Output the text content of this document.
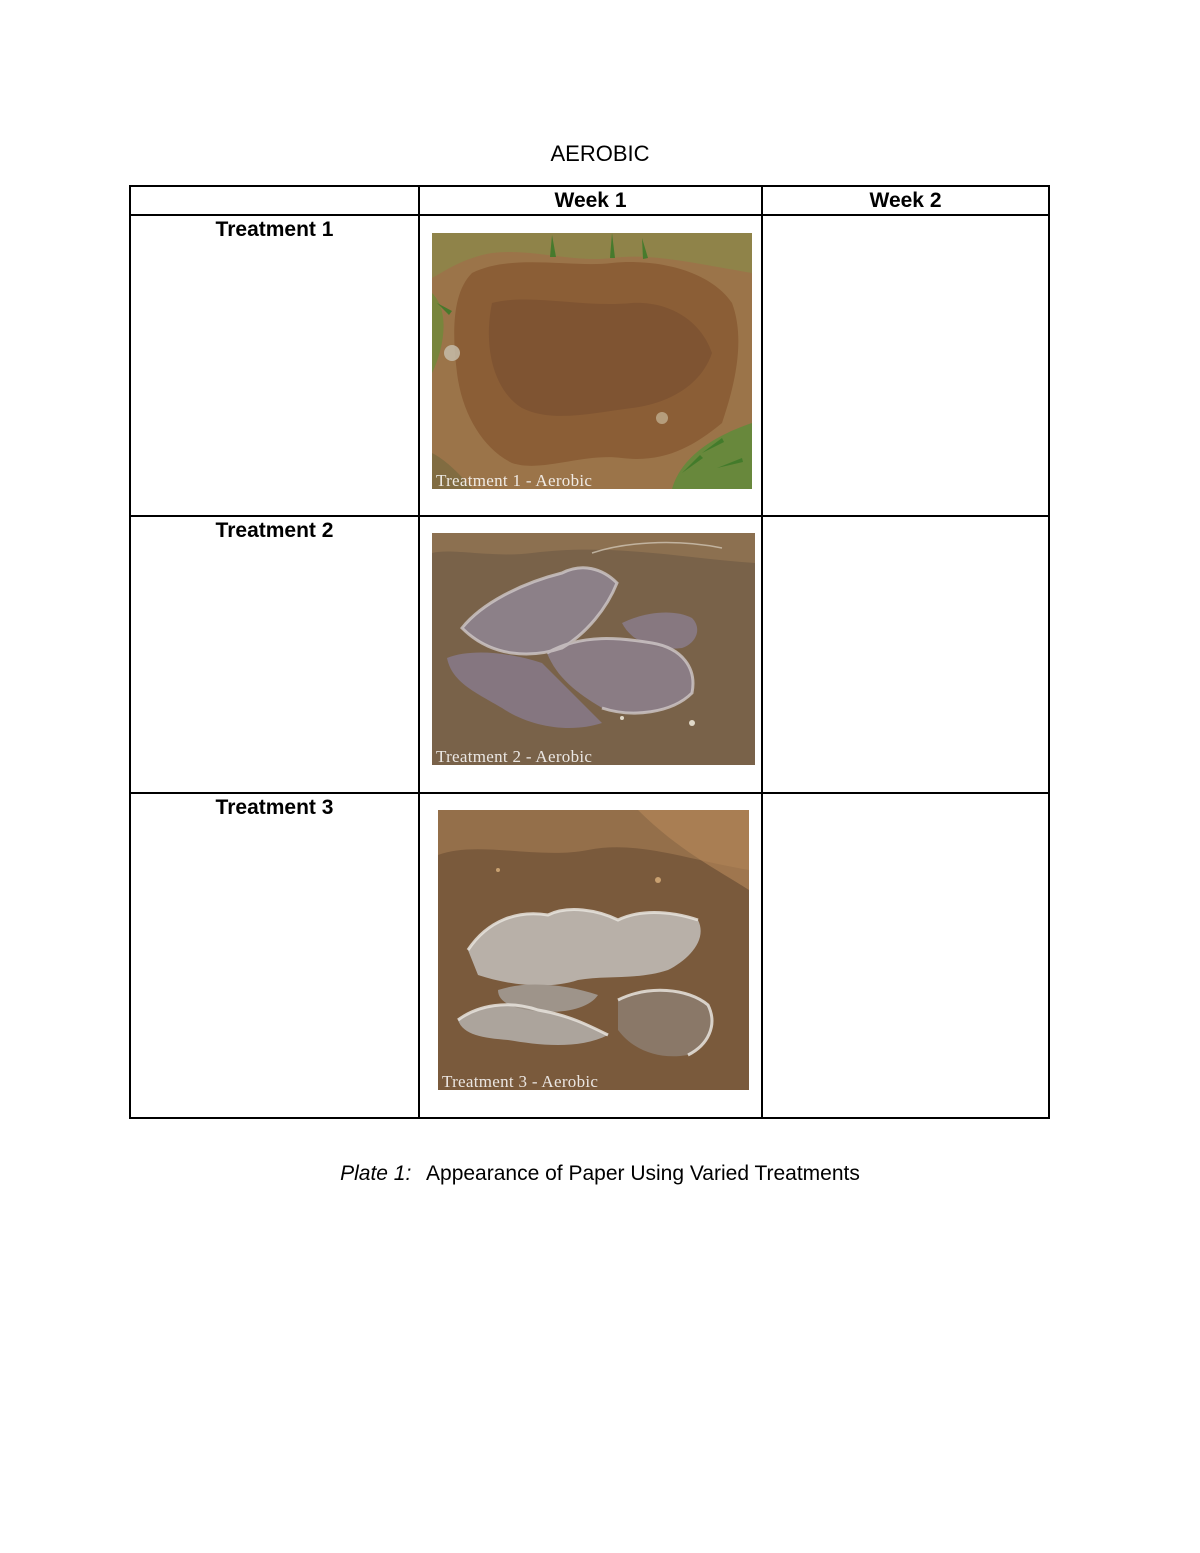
AEROBIC
	Week 1	Week 2

Treatment 1	Treatment 1 - Aerobic	

Treatment 2	Treatment 2 - Aerobic	

Treatment 3	Treatment 3 - Aerobic	

Plate 1: Appearance of Paper Using Varied Treatments
